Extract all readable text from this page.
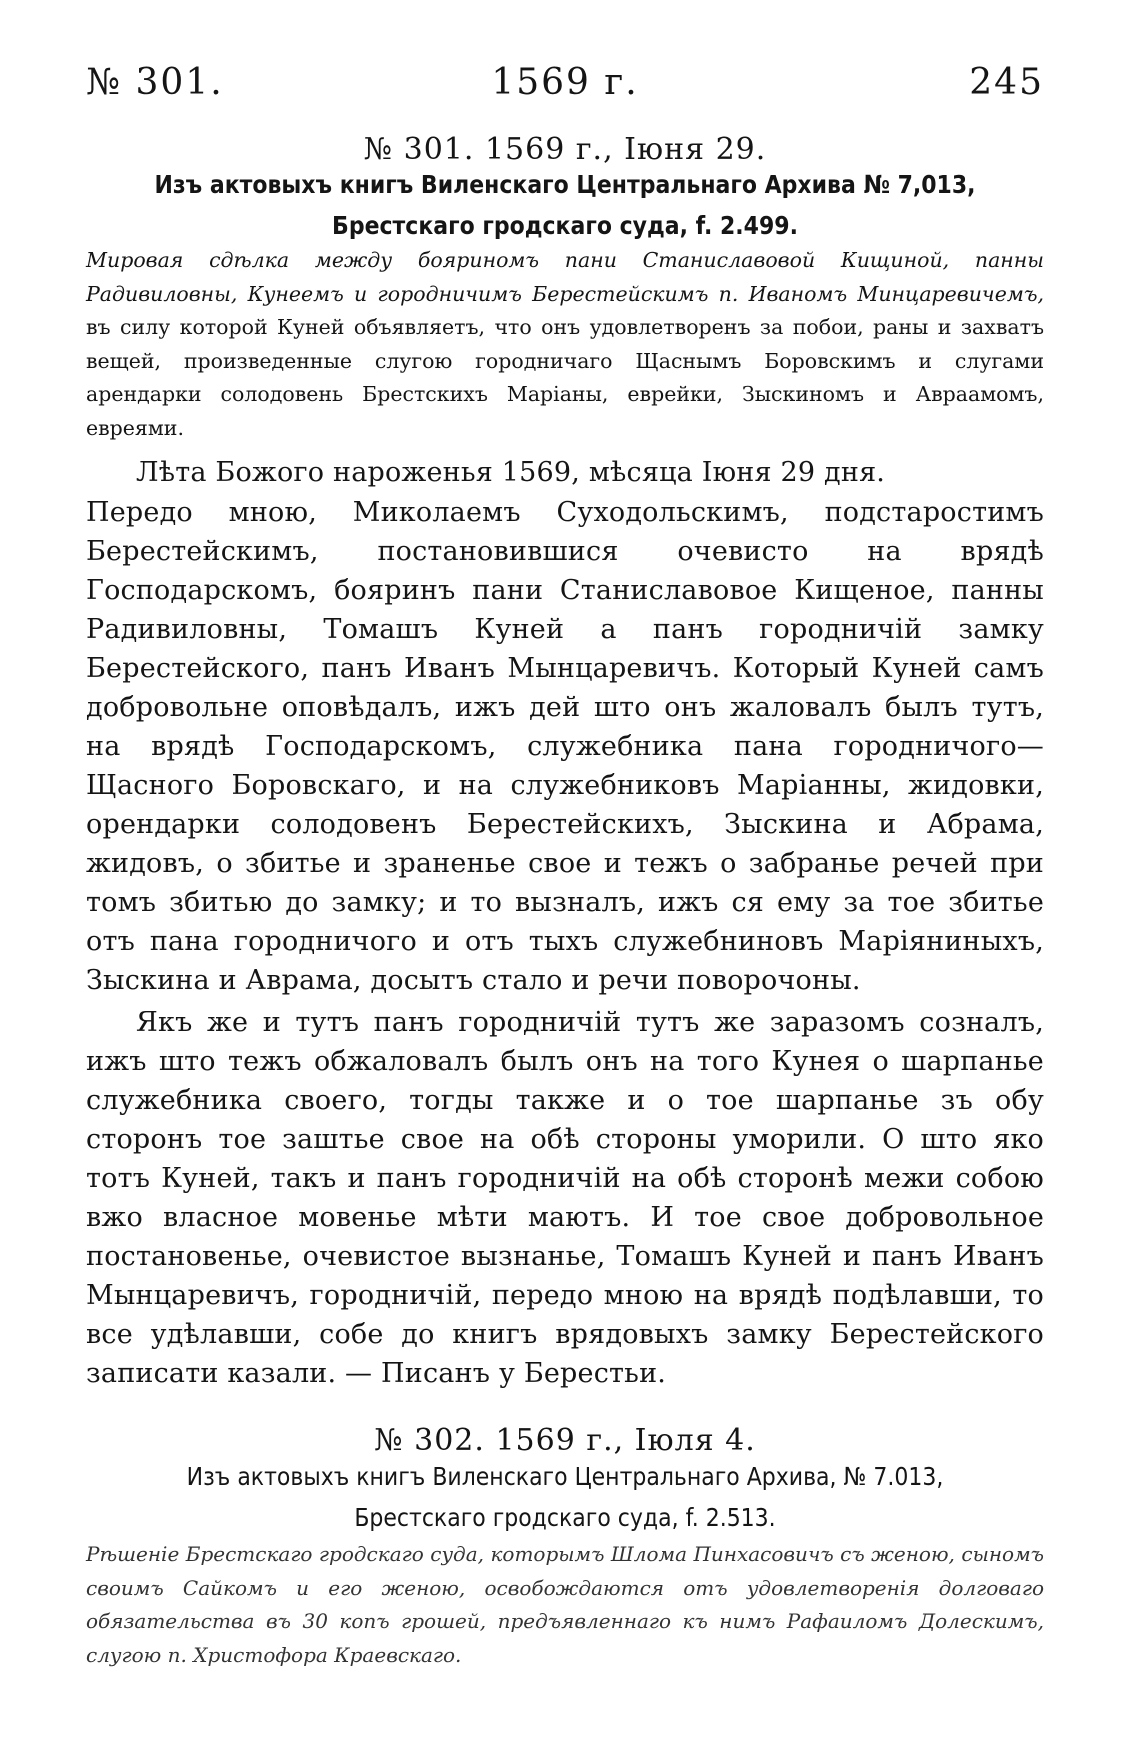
№ 301.	1569 г.	245
№ 301. 1569 г., Іюня 29.
Изъ актовыхъ книгъ Виленскаго Центральнаго Архива № 7,013, Брестскаго гродскаго суда, f. 2.499.
Мировая сдѣлка между бояриномъ пани Станиславовой Кищиной, панны Радивиловны, Кунеемъ и городничимъ Берестейскимъ п. Иваномъ Минцаревичемъ, въ силу которой Куней объявляетъ, что онъ удовлетворенъ за побои, раны и захватъ вещей, произведенные слугою городничаго Щаснымъ Боровскимъ и слугами арендарки солодовень Брестскихъ Маріаны, еврейки, Зыскиномъ и Авраамомъ, евреями.
Лѣта Божого нароженья 1569, мѣсяца Іюня 29 дня.
Передо мною, Миколаемъ Суходольскимъ, подстаростимъ Берестейскимъ, постановившися очевисто на врядѣ Господарскомъ, бояринъ пани Станиславовое Кищеное, панны Радивиловны, Томашъ Куней а панъ городничій замку Берестейского, панъ Иванъ Мынцаревичъ. Который Куней самъ добровольне оповѣдалъ, ижъ дей што онъ жаловалъ былъ тутъ, на врядѣ Господарскомъ, служебника пана городничого—Щасного Боровскаго, и на служебниковъ Маріанны, жидовки, орендарки солодовенъ Берестейскихъ, Зыскина и Абрама, жидовъ, о збитье и зраненье свое и тежъ о забранье речей при томъ збитью до замку; и то вызналъ, ижъ ся ему за тое збитье отъ пана городничого и отъ тыхъ служебниновъ Маріяниныхъ, Зыскина и Аврама, досытъ стало и речи поворочоны.
Якъ же и тутъ панъ городничій тутъ же заразомъ созналъ, ижъ што тежъ обжаловалъ былъ онъ на того Кунея о шарпанье служебника своего, тогды также и о тое шарпанье зъ обу сторонъ тое заштье свое на обѣ стороны уморили. О што яко тотъ Куней, такъ и панъ городничій на обѣ сторонѣ межи собою вжо власное мовенье мѣти маютъ. И тое свое добровольное постановенье, очевистое вызнанье, Томашъ Куней и панъ Иванъ Мынцаревичъ, городничій, передо мною на врядѣ подѣлавши, то все удѣлавши, собе до книгъ врядовыхъ замку Берестейского записати казали. — Писанъ у Берестьи.
№ 302. 1569 г., Іюля 4.
Изъ актовыхъ книгъ Виленскаго Центральнаго Архива, № 7.013, Брестскаго гродскаго суда, f. 2.513.
Рѣшеніе Брестскаго гродскаго суда, которымъ Шлома Пинхасовичъ съ женою, сыномъ своимъ Сайкомъ и его женою, освобождаются отъ удовлетворенія долговаго обязательства въ 30 копъ грошей, предъявленнаго къ нимъ Рафаиломъ Долескимъ, слугою п. Христофора Краевскаго.
